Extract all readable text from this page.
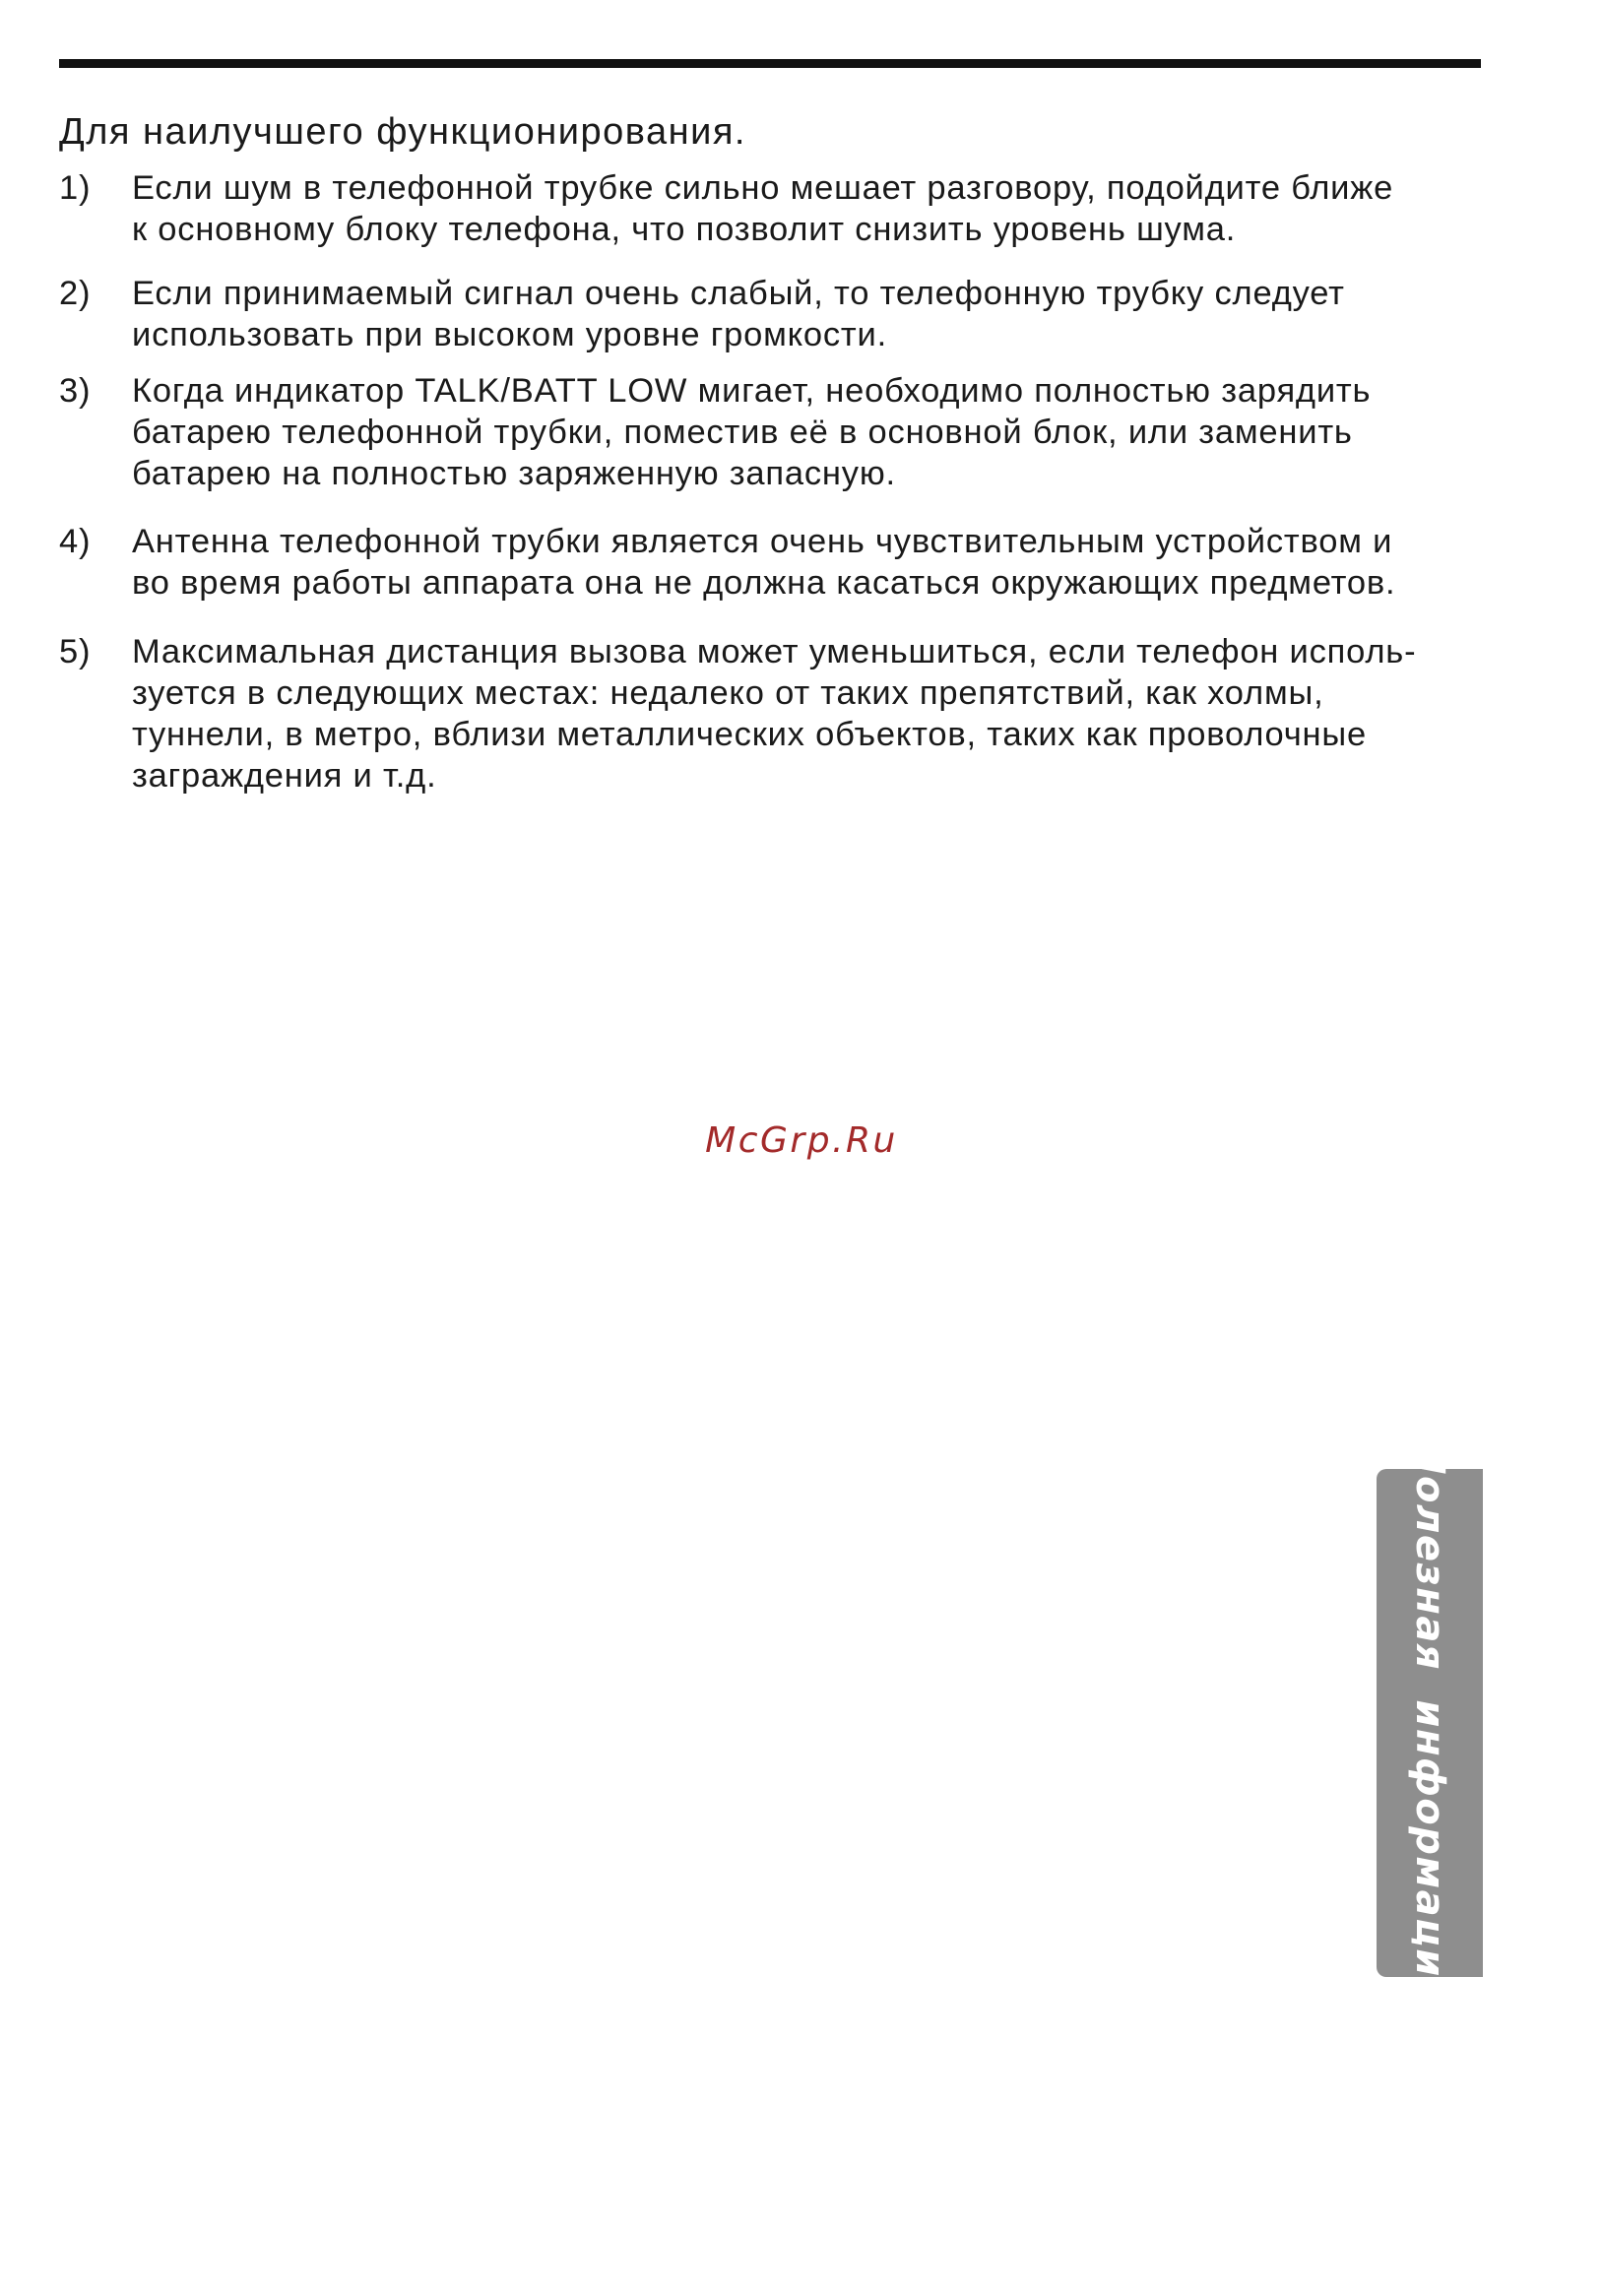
Для наилучшего функционирования.
1)	Если шум в телефонной трубке сильно мешает разговору, подойдите ближе
к основному блоку телефона, что позволит снизить уровень шума.
2)	Если принимаемый сигнал очень слабый, то телефонную трубку следует
использовать при высоком уровне громкости.
3)	Когда индикатор TALK/BATT LOW мигает, необходимо полностью зарядить
батарею телефонной трубки, поместив её в основной блок, или заменить
батарею на полностью заряженную запасную.
4)	Антенна телефонной трубки является очень чувствительным устройством и
во время работы аппарата она не должна касаться окружающих предметов.
5)	Максимальная дистанция вызова может уменьшиться, если телефон исполь-
зуется в следующих местах: недалеко от таких препятствий, как холмы,
туннели, в метро, вблизи металлических объектов, таких как проволочные
заграждения и т.д.
McGrp.Ru
Полезная информация
